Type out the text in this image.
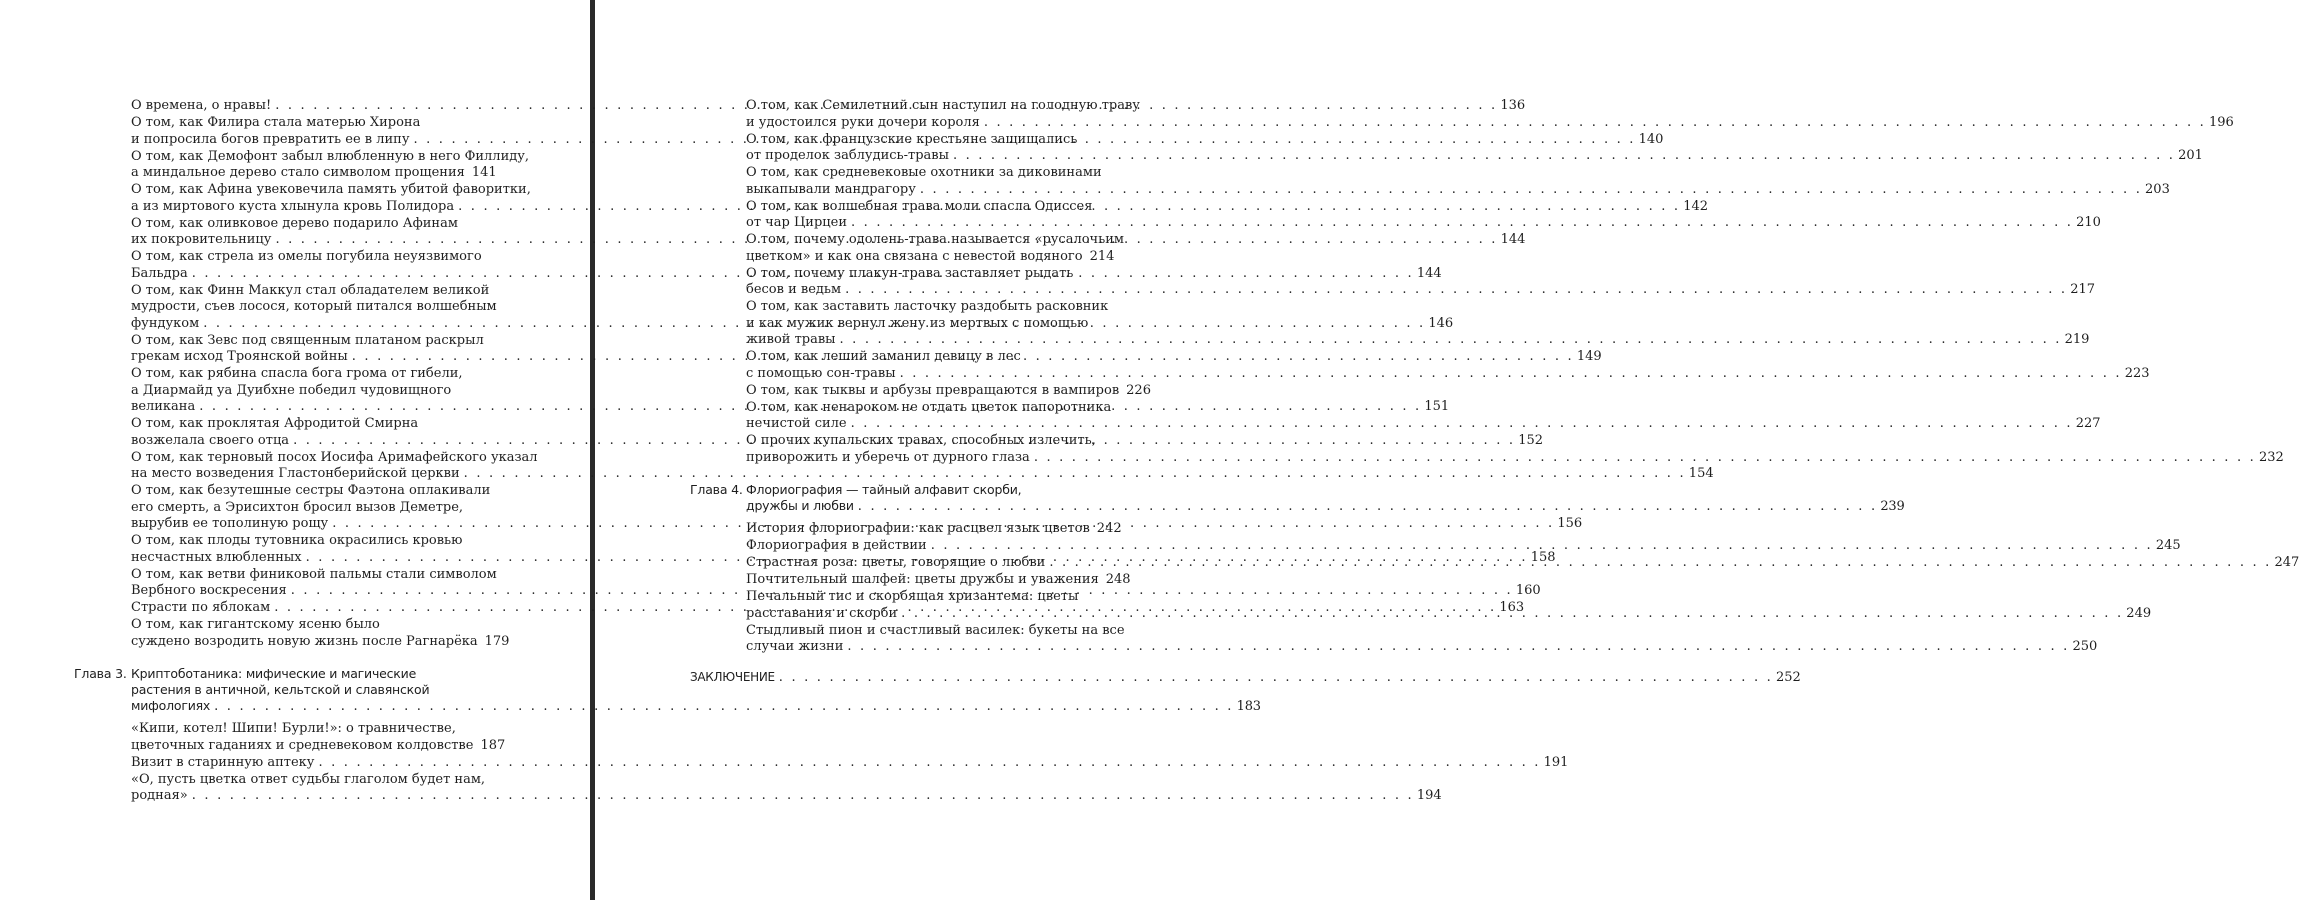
О времена, о нравы! . . .	136
О том, как Филира стала матерью Хирона
и попросила богов превратить ее в липу . . .	140
О том, как Демофонт забыл влюбленную в него Филлиду,
а миндальное дерево стало символом прощения 141
О том, как Афина увековечила память убитой фаворитки,
а из миртового куста хлынула кровь Полидора . . .	142
О том, как оливковое дерево подарило Афинам
их покровительницу . . .	144
О том, как стрела из омелы погубила неуязвимого
Бальдра . . .	144
О том, как Финн Маккул стал обладателем великой
мудрости, съев лосося, который питался волшебным
фундуком . . .	146
О том, как Зевс под священным платаном раскрыл
грекам исход Троянской войны . . .	149
О том, как рябина спасла бога грома от гибели,
а Диармайд уа Дуибхне победил чудовищного
великана . . .	151
О том, как проклятая Афродитой Смирна
возжелала своего отца . . .	152
О том, как терновый посох Иосифа Аримафейского указал
на место возведения Гластонберийской церкви . . .	154
О том, как безутешные сестры Фаэтона оплакивали
его смерть, а Эрисихтон бросил вызов Деметре,
вырубив ее тополиную рощу . . .	156
О том, как плоды тутовника окрасились кровью
несчастных влюбленных . . .	158
О том, как ветви финиковой пальмы стали символом
Вербного воскресения . . .	160
Страсти по яблокам . . .	163
О том, как гигантскому ясеню было
суждено возродить новую жизнь после Рагнарёка 179
Глава 3. Криптоботаника: мифические и магические
растения в античной, кельтской и славянской
мифологиях . . .	183
«Кипи, котел! Шипи! Бурли!»: о травничестве,
цветочных гаданиях и средневековом колдовстве 187
Визит в старинную аптеку . . .	191
«О, пусть цветка ответ судьбы глаголом будет нам,
родная» . . .	194
О том, как Семилетний сын наступил на голодную траву
и удостоился руки дочери короля . . .	196
О том, как французские крестьяне защищались
от проделок заблудись-травы . . .	201
О том, как средневековые охотники за диковинами
выкапывали мандрагору . . .	203
О том, как волшебная трава моли спасла Одиссея
от чар Цирцеи . . .	210
О том, почему одолень-трава называется «русалочьим
цветком» и как она связана с невестой водяного 214
О том, почему плакун-трава заставляет рыдать
бесов и ведьм . . .	217
О том, как заставить ласточку раздобыть расковник
и как мужик вернул жену из мертвых с помощью
живой травы . . .	219
О том, как леший заманил девицу в лес
с помощью сон-травы . . .	223
О том, как тыквы и арбузы превращаются в вампиров 226
О том, как ненароком не отдать цветок папоротника
нечистой силе . . .	227
О прочих купальских травах, способных излечить,
приворожить и уберечь от дурного глаза . . .	232
Глава 4. Флориография — тайный алфавит скорби,
дружбы и любви . . .	239
История флориографии: как расцвел язык цветов 242
Флориография в действии . . .	245
Страстная роза: цветы, говорящие о любви . . .	247
Почтительный шалфей: цветы дружбы и уважения 248
Печальный тис и скорбящая хризантема: цветы
расставания и скорби . . .	249
Стыдливый пион и счастливый василек: букеты на все
случаи жизни . . .	250
ЗАКЛЮЧЕНИЕ . . .	252
